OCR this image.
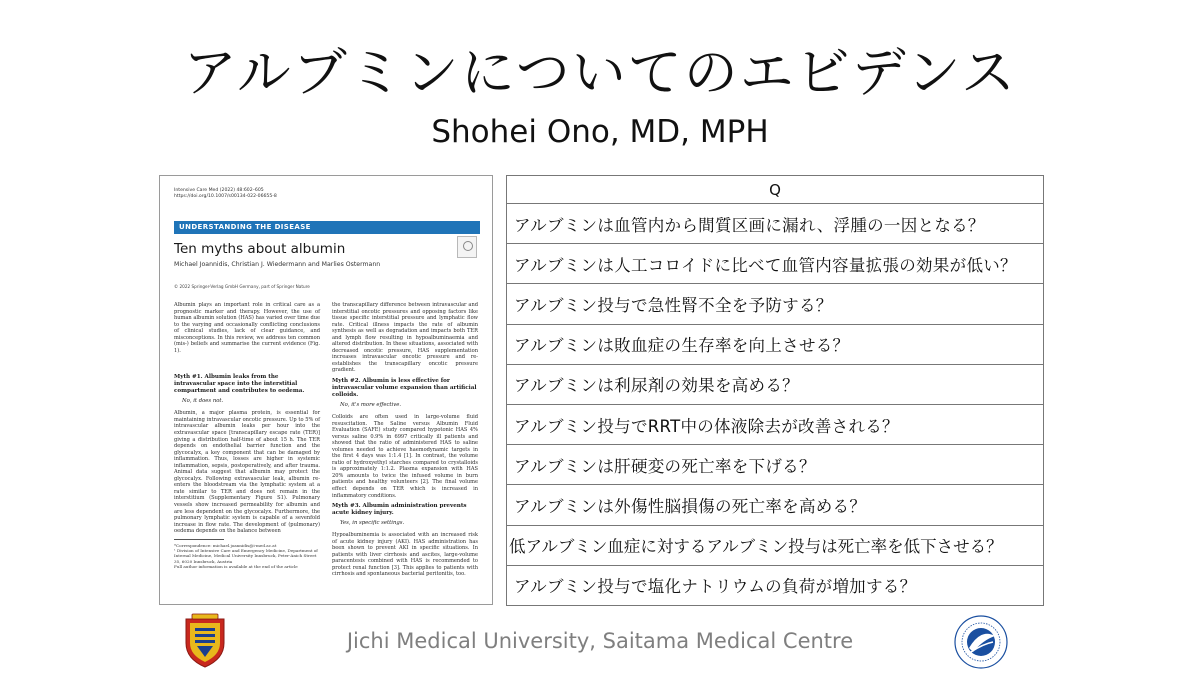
アルブミンについてのエビデンス
Shohei Ono, MD, MPH
Intensive Care Med (2022) 48:602–605
https://doi.org/10.1007/s00134-022-06655-8
UNDERSTANDING THE DISEASE
Ten myths about albumin
Michael Joannidis, Christian J. Wiedermann and Marlies Ostermann
© 2022 Springer-Verlag GmbH Germany, part of Springer Nature
Albumin plays an important role in critical care as a prognostic marker and therapy. However, the use of human albumin solution (HAS) has varied over time due to the varying and occasionally conflicting conclusions of clinical studies, lack of clear guidance, and misconceptions. In this review, we address ten common (mis-) beliefs and summarise the current evidence (Fig. 1).
Myth #1. Albumin leaks from the intravascular space into the interstitial compartment and contributes to oedema.
No, it does not.
Albumin, a major plasma protein, is essential for maintaining intravascular oncotic pressure. Up to 5% of intravascular albumin leaks per hour into the extravascular space [transcapillary escape rate (TER)] giving a distribution half-time of about 15 h. The TER depends on endothelial barrier function and the glycocalyx, a key component that can be damaged by inflammation. Thus, losses are higher in systemic inflammation, sepsis, postoperatively, and after trauma. Animal data suggest that albumin may protect the glycocalyx. Following extravascular leak, albumin re-enters the bloodstream via the lymphatic system at a rate similar to TER and does not remain in the interstitium (Supplementary Figure S1). Pulmonary vessels show increased permeability for albumin and are less dependent on the glycocalyx. Furthermore, the pulmonary lymphatic system is capable of a sevenfold increase in flow rate. The development of (pulmonary) oedema depends on the balance between
*Correspondence: michael.joannidis@i-med.ac.at
¹ Division of Intensive Care and Emergency Medicine, Department of Internal Medicine, Medical University Innsbruck, Peter-Anich Street 35, 6020 Innsbruck, Austria
Full author information is available at the end of the article
the transcapillary difference between intravascular and interstitial oncotic pressures and opposing factors like tissue specific interstitial pressure and lymphatic flow rate. Critical illness impacts the rate of albumin synthesis as well as degradation and impacts both TER and lymph flow resulting in hypoalbuminaemia and altered distribution. In these situations, associated with decreased oncotic pressure, HAS supplementation increases intravascular oncotic pressure and re-establishes the transcapillary oncotic pressure gradient.
Myth #2. Albumin is less effective for intravascular volume expansion than artificial colloids.
No, it's more effective.
Colloids are often used in large-volume fluid resuscitation. The Saline versus Albumin Fluid Evaluation (SAFE) study compared hypotonic HAS 4% versus saline 0.9% in 6997 critically ill patients and showed that the ratio of administered HAS to saline volumes needed to achieve haemodynamic targets in the first 4 days was 1:1.4 [1]. In contrast, the volume ratio of hydroxyethyl starches compared to crystalloids is approximately 1:1.2. Plasma expansion with HAS 20% amounts to twice the infused volume in burn patients and healthy volunteers [2]. The final volume effect depends on TER which is increased in inflammatory conditions.
Myth #3. Albumin administration prevents acute kidney injury.
Yes, in specific settings.
Hypoalbuminemia is associated with an increased risk of acute kidney injury (AKI). HAS administration has been shown to prevent AKI in specific situations. In patients with liver cirrhosis and ascites, large-volume paracentesis combined with HAS is recommended to protect renal function [3]. This applies to patients with cirrhosis and spontaneous bacterial peritonitis, too.
Q
アルブミンは血管内から間質区画に漏れ、浮腫の一因となる？
アルブミンは人工コロイドに比べて血管内容量拡張の効果が低い？
アルブミン投与で急性腎不全を予防する？
アルブミンは敗血症の生存率を向上させる？
アルブミンは利尿剤の効果を高める？
アルブミン投与でRRT中の体液除去が改善される？
アルブミンは肝硬変の死亡率を下げる？
アルブミンは外傷性脳損傷の死亡率を高める？
低アルブミン血症に対するアルブミン投与は死亡率を低下させる？
アルブミン投与で塩化ナトリウムの負荷が増加する？
Jichi Medical University, Saitama Medical Centre
